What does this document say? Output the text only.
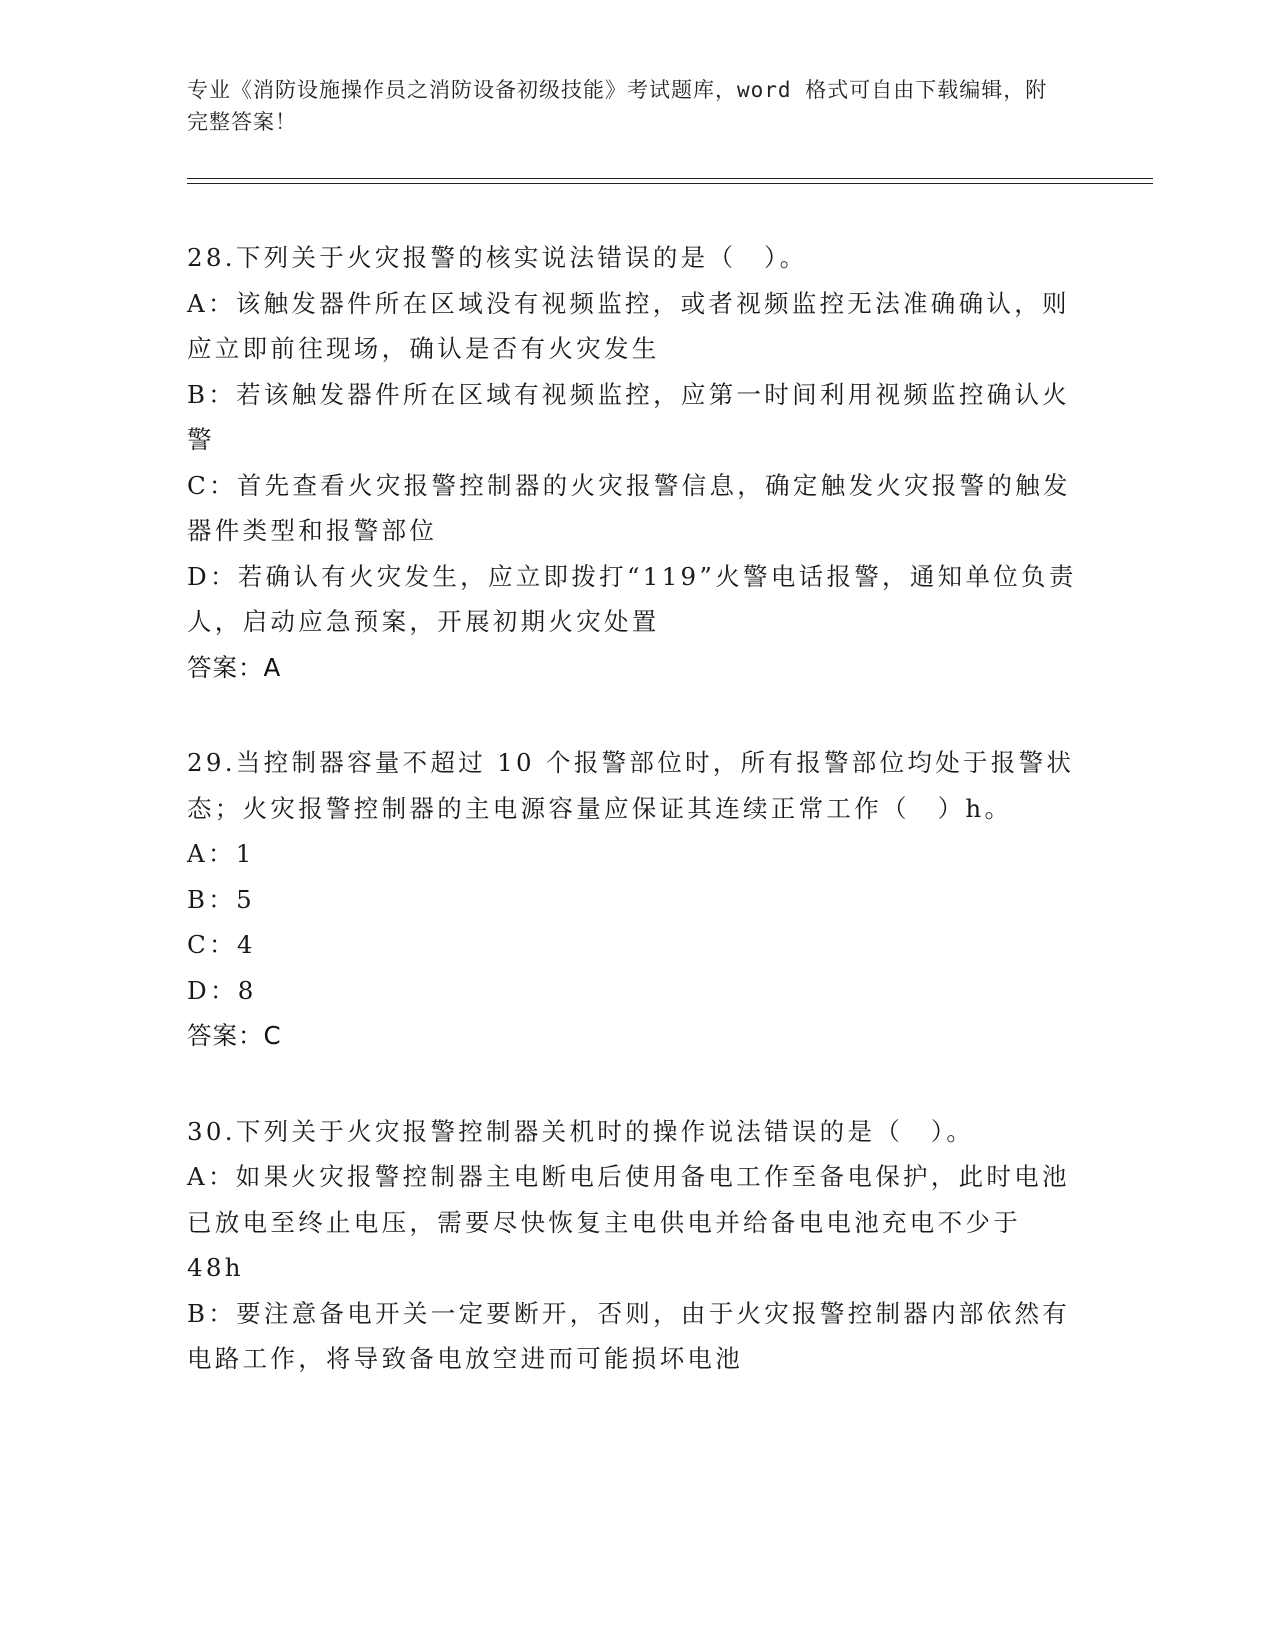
专业《消防设施操作员之消防设备初级技能》考试题库，word 格式可自由下载编辑，附完整答案！
28.下列关于火灾报警的核实说法错误的是（　）。
A：该触发器件所在区域没有视频监控，或者视频监控无法准确确认，则应立即前往现场，确认是否有火灾发生
B：若该触发器件所在区域有视频监控，应第一时间利用视频监控确认火警
C：首先查看火灾报警控制器的火灾报警信息，确定触发火灾报警的触发器件类型和报警部位
D：若确认有火灾发生，应立即拨打“119”火警电话报警，通知单位负责人，启动应急预案，开展初期火灾处置
答案：A
29.当控制器容量不超过 10 个报警部位时，所有报警部位均处于报警状态；火灾报警控制器的主电源容量应保证其连续正常工作（　）h。
A：1
B：5
C：4
D：8
答案：C
30.下列关于火灾报警控制器关机时的操作说法错误的是（　）。
A：如果火灾报警控制器主电断电后使用备电工作至备电保护，此时电池已放电至终止电压，需要尽快恢复主电供电并给备电电池充电不少于 48h
B：要注意备电开关一定要断开，否则，由于火灾报警控制器内部依然有电路工作，将导致备电放空进而可能损坏电池
